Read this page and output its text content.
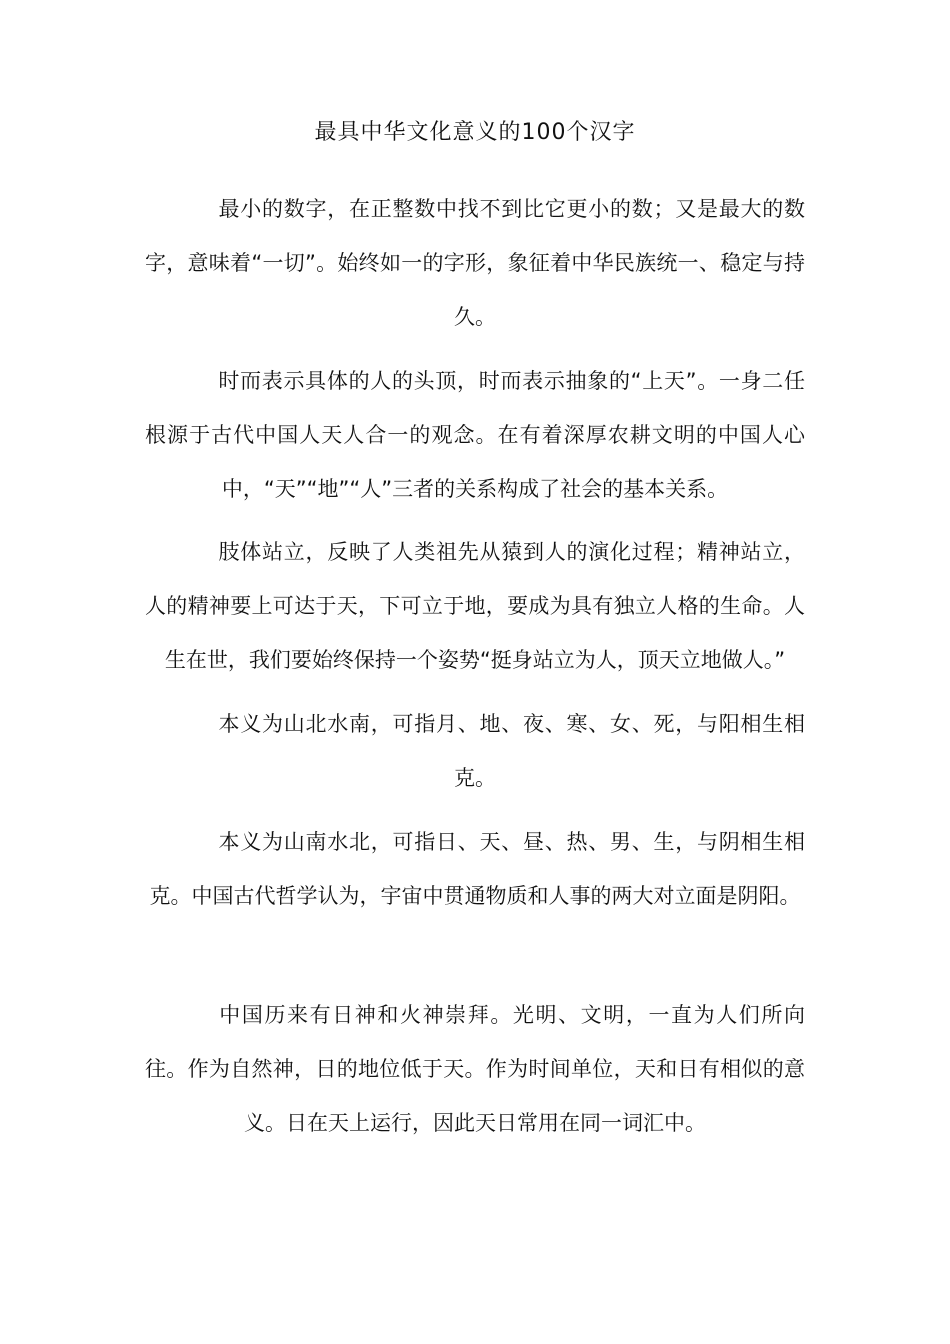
最具中华文化意义的100个汉字

最小的数字，在正整数中找不到比它更小的数；又是最大的数字，意味着“一切”。始终如一的字形，象征着中华民族统一、稳定与持久。

时而表示具体的人的头顶，时而表示抽象的“上天”。一身二任根源于古代中国人天人合一的观念。在有着深厚农耕文明的中国人心中，“天”“地”“人”三者的关系构成了社会的基本关系。

肢体站立，反映了人类祖先从猿到人的演化过程；精神站立，人的精神要上可达于天，下可立于地，要成为具有独立人格的生命。人生在世，我们要始终保持一个姿势“挺身站立为人，顶天立地做人。”

本义为山北水南，可指月、地、夜、寒、女、死，与阳相生相克。

本义为山南水北，可指日、天、昼、热、男、生，与阴相生相克。中国古代哲学认为，宇宙中贯通物质和人事的两大对立面是阴阳。

中国历来有日神和火神崇拜。光明、文明，一直为人们所向往。作为自然神，日的地位低于天。作为时间单位，天和日有相似的意义。日在天上运行，因此天日常用在同一词汇中。
